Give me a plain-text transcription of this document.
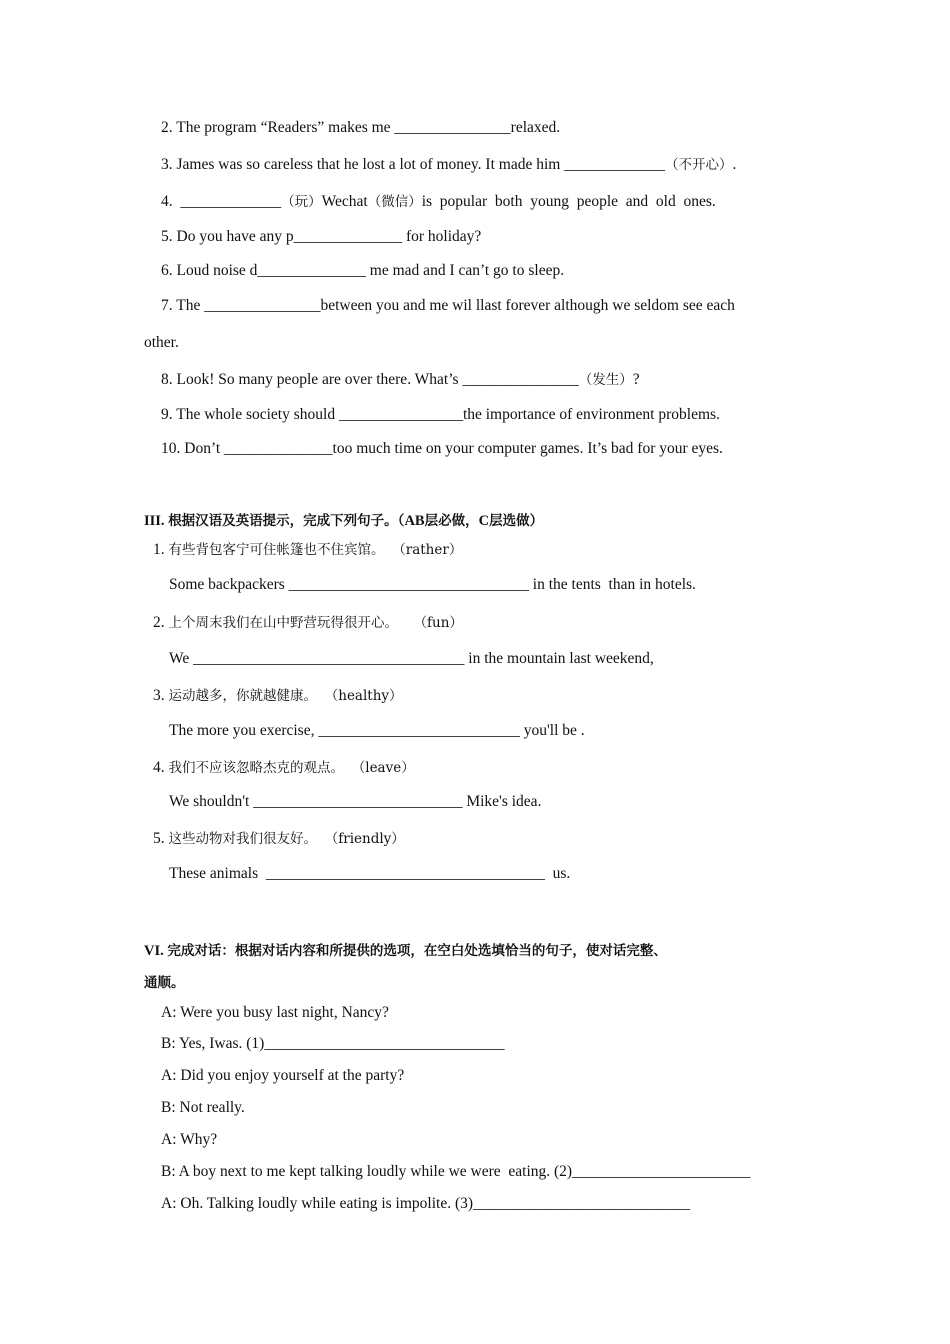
2. The program “Readers” makes me _______________relaxed.
3. James was so careless that he lost a lot of money. It made him _____________（不开心）.
4.  _____________（玩）Wechat（微信）is  popular  both  young  people  and  old  ones.
5. Do you have any p______________ for holiday?
6. Loud noise d______________ me mad and I can’t go to sleep.
7. The _______________between you and me wil llast forever although we seldom see each
other.
8. Look! So many people are over there. What’s _______________（发生）?
9. The whole society should ________________the importance of environment problems.
10. Don’t ______________too much time on your computer games. It’s bad for your eyes.
III. 根据汉语及英语提示，完成下列句子。（AB层必做，C层选做）
1. 有些背包客宁可住帐篷也不住宾馆。 （rather）
Some backpackers _______________________________ in the tents  than in hotels.
2. 上个周末我们在山中野营玩得很开心。 （fun）
We ___________________________________ in the mountain last weekend,
3. 运动越多，你就越健康。 （healthy）
The more you exercise, __________________________ you'll be .
4. 我们不应该忽略杰克的观点。 （leave）
We shouldn't ___________________________ Mike's idea.
5. 这些动物对我们很友好。 （friendly）
These animals  ____________________________________  us.
VI. 完成对话：根据对话内容和所提供的选项，在空白处选填恰当的句子，使对话完整、
通顺。
A: Were you busy last night, Nancy?
B: Yes, Iwas. (1)_______________________________
A: Did you enjoy yourself at the party?
B: Not really.
A: Why?
B: A boy next to me kept talking loudly while we were  eating. (2)_______________________
A: Oh. Talking loudly while eating is impolite. (3)____________________________
